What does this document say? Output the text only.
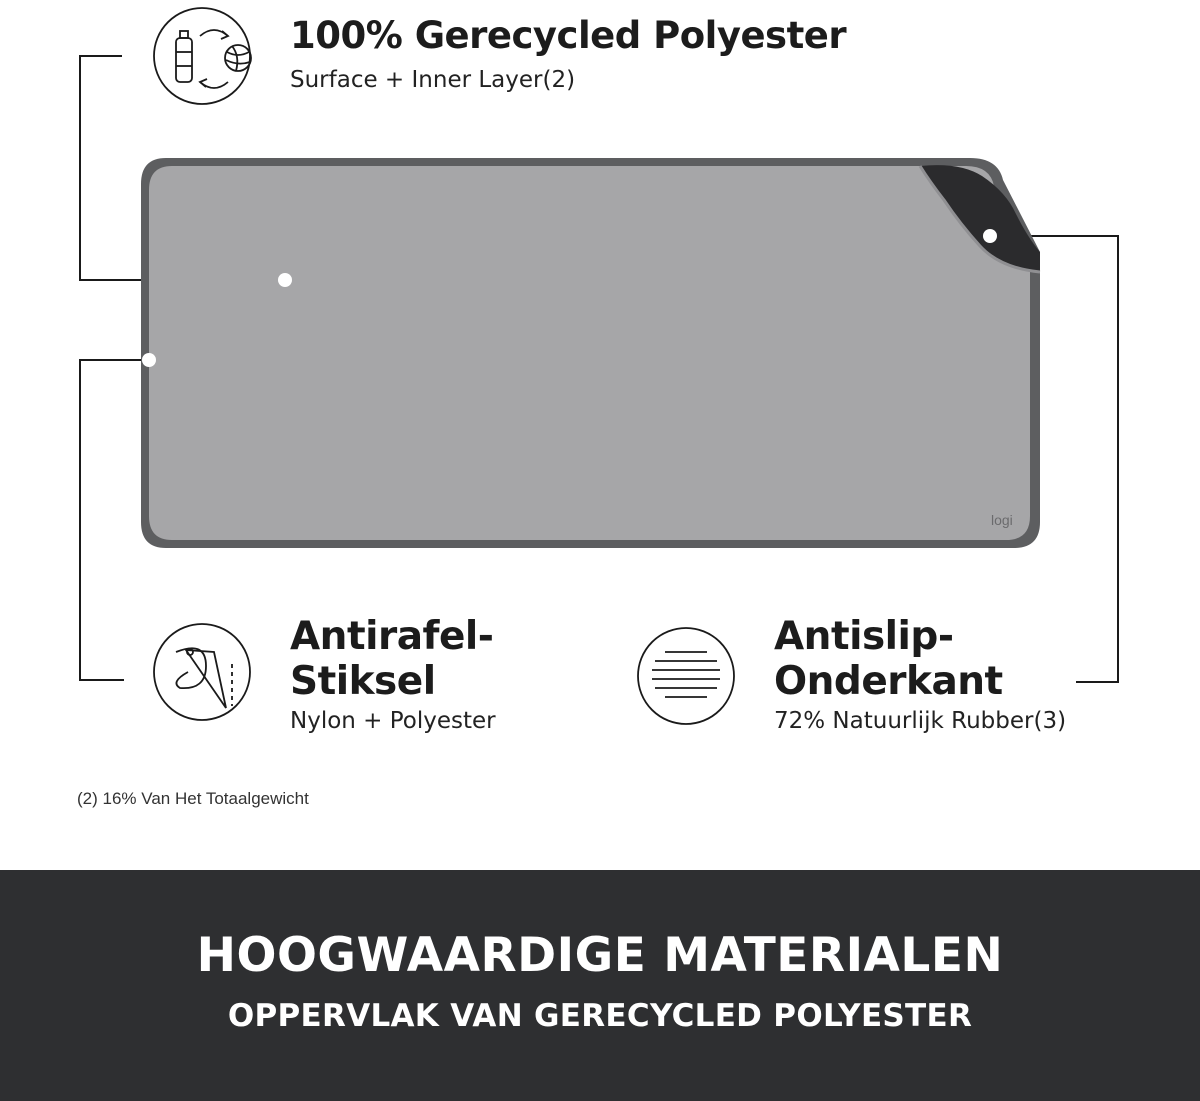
logi
100% Gerecycled Polyester
Surface + Inner Layer(2)
Antirafel-
Stiksel
Nylon + Polyester
Antislip-
Onderkant
72% Natuurlijk Rubber(3)
(2) 16% Van Het Totaalgewicht
HOOGWAARDIGE MATERIALEN
OPPERVLAK VAN GERECYCLED POLYESTER
